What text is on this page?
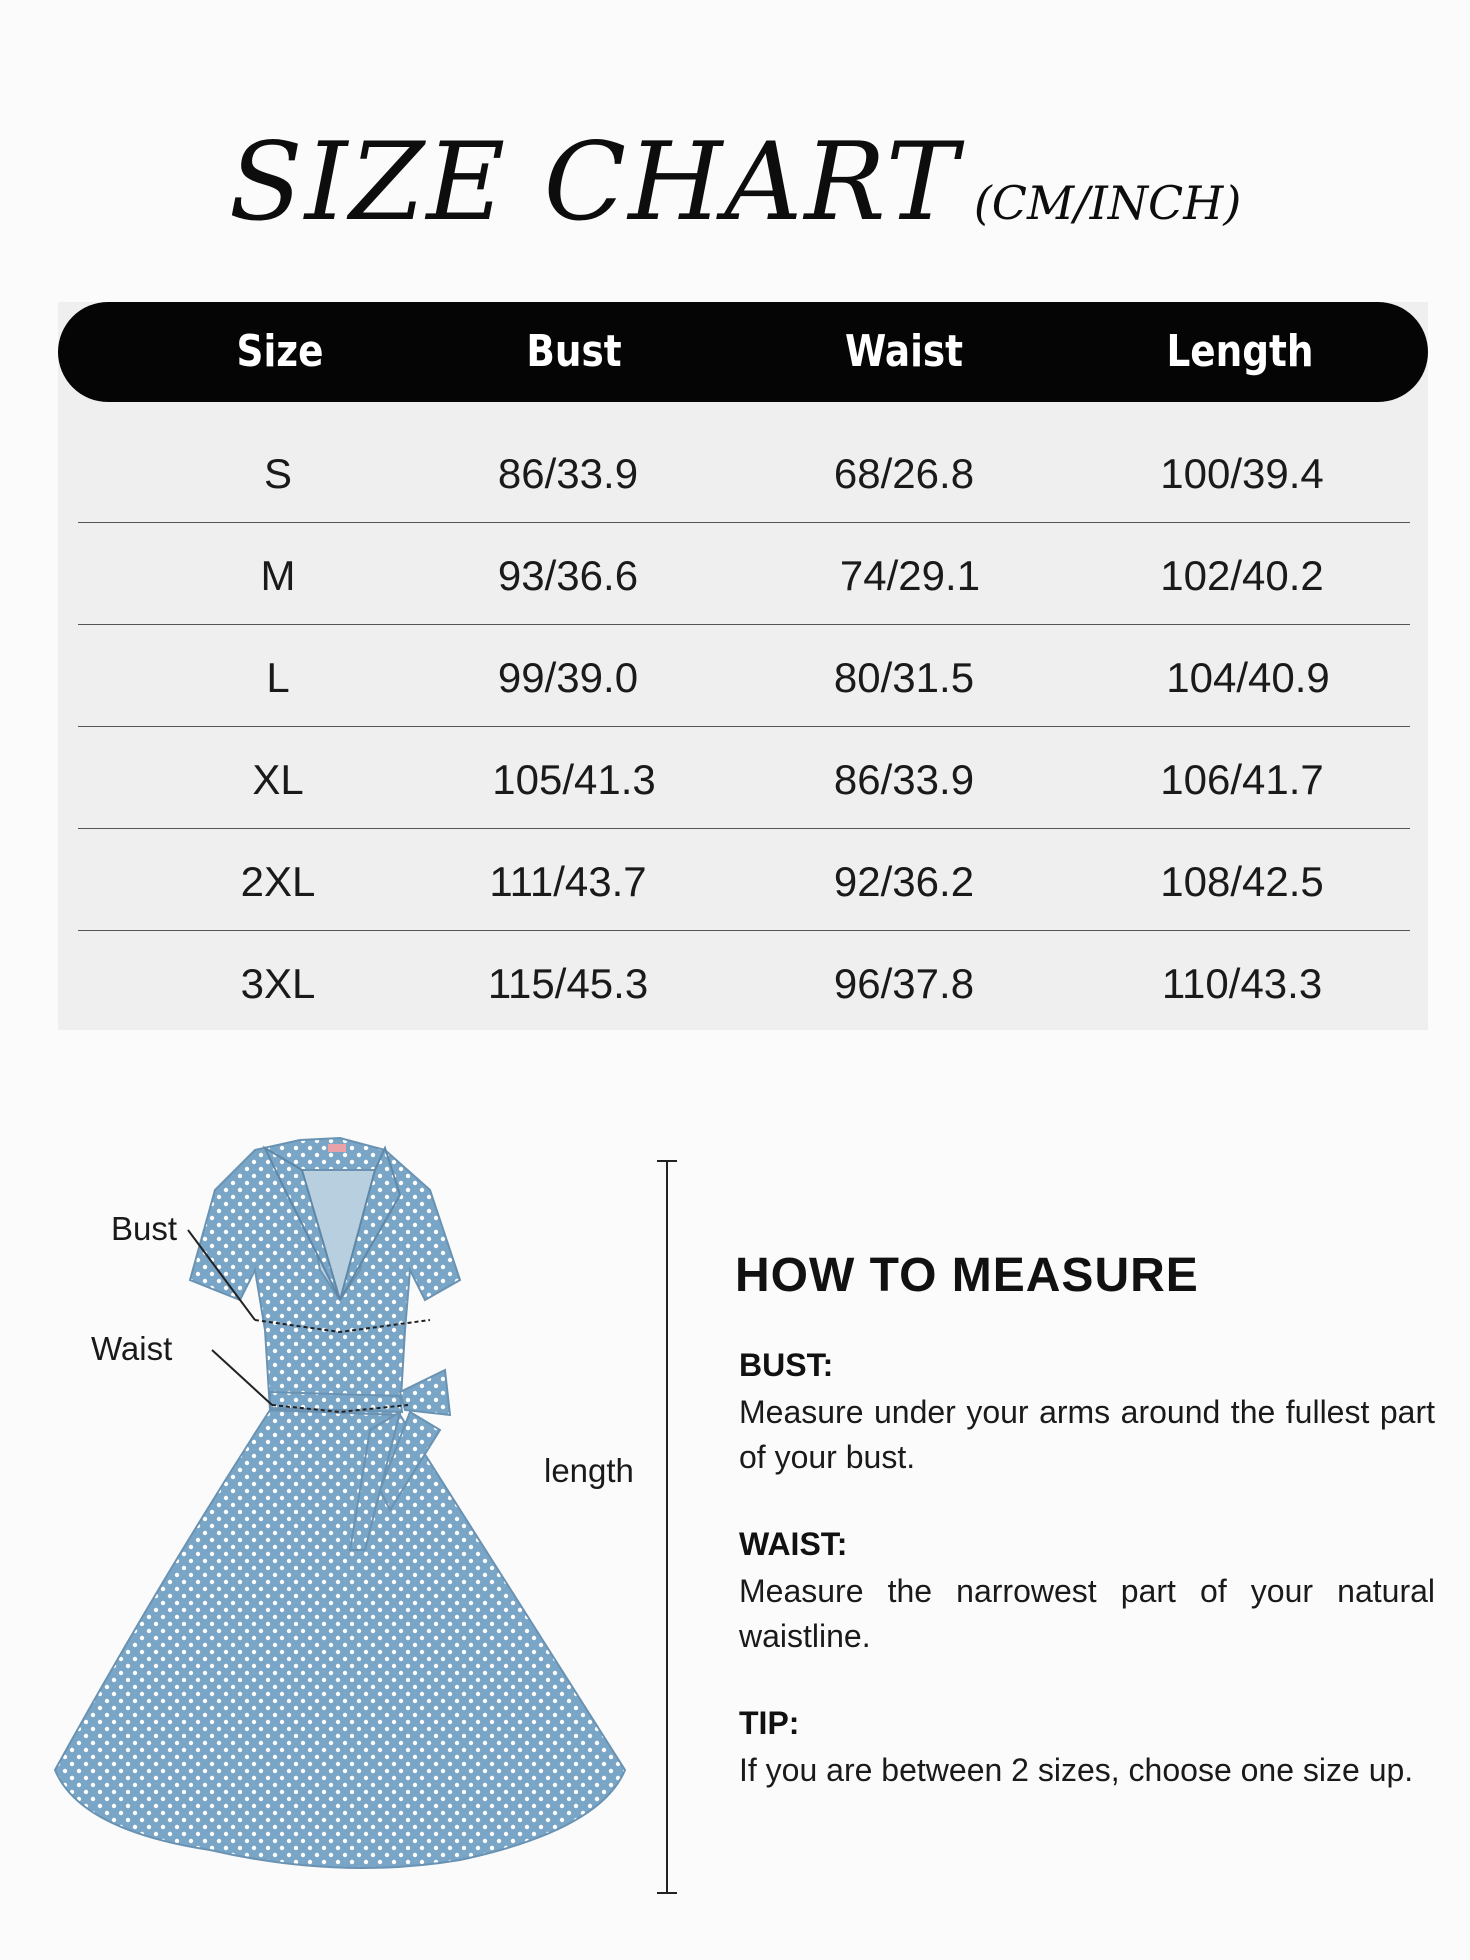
SIZE CHART (CM/INCH)
Size	Bust	Waist	Length
S	86/33.9	68/26.8	100/39.4
M	93/36.6	74/29.1	102/40.2
L	99/39.0	80/31.5	104/40.9
XL	105/41.3	86/33.9	106/41.7
2XL	111/43.7	92/36.2	108/42.5
3XL	115/45.3	96/37.8	110/43.3
Bust
Waist
length
HOW TO MEASURE
BUST:
Measure under your arms around the fullest part of your bust.
WAIST:
Measure the narrowest part of your natural waistline.
TIP:
If you are between 2 sizes, choose one size up.
